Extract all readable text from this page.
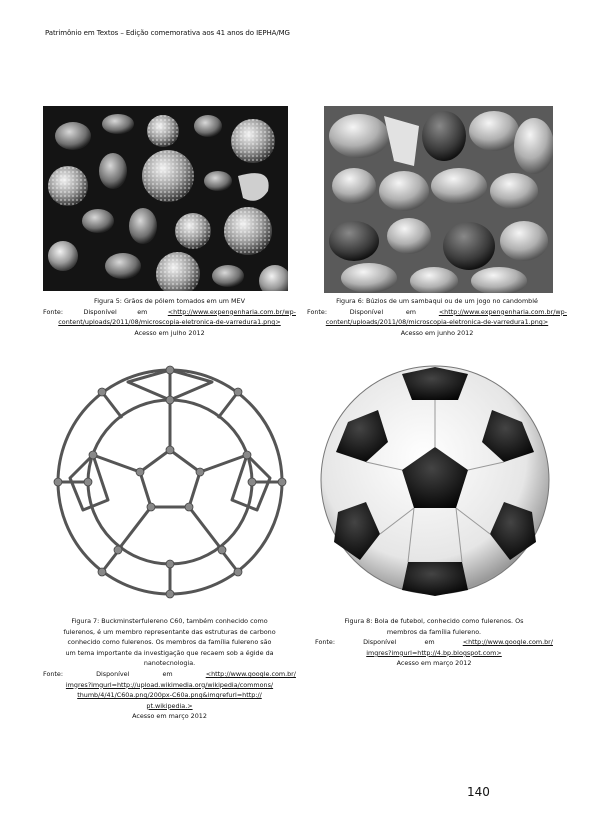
Patrimônio em Textos – Edição comemorativa aos 41 anos do IEPHA/MG
Figura 5: Grãos de pólem tomados em um MEV
Fonte:	Disponível	em	<http://www.expengenharia.com.br/wp-
content/uploads/2011/08/microscopia-eletronica-de-varredura1.png>
Acesso em julho 2012
Figura 6: Búzios de um sambaqui ou de um jogo no candomblé
Fonte:	Disponível	em	<http://www.expengenharia.com.br/wp-
content/uploads/2011/08/microscopia-eletronica-de-varredura1.png>
Acesso em junho 2012
Figura 7: Buckminsterfulereno C60, também conhecido como
fulerenos, é um membro representante das estruturas de carbono
conhecido como fulerenos. Os membros da família fulereno são
um tema importante da investigação que recaem sob a égide da
nanotecnologia.
Fonte:	Disponível	em	<http://www.google.com.br/
imgres?imgurl=http://upload.wikimedia.org/wikipedia/commons/
thumb/4/41/C60a.png/200px-C60a.png&imgrefurl=http://
pt.wikipedia.>
Acesso em março 2012
Figura 8: Bola de futebol, conhecido como fulerenos. Os
membros da família fulereno.
Fonte:	Disponível	em	<http://www.google.com.br/
imgres?imgurl=http://4.bp.blogspot.com>
Acesso em março 2012
140
